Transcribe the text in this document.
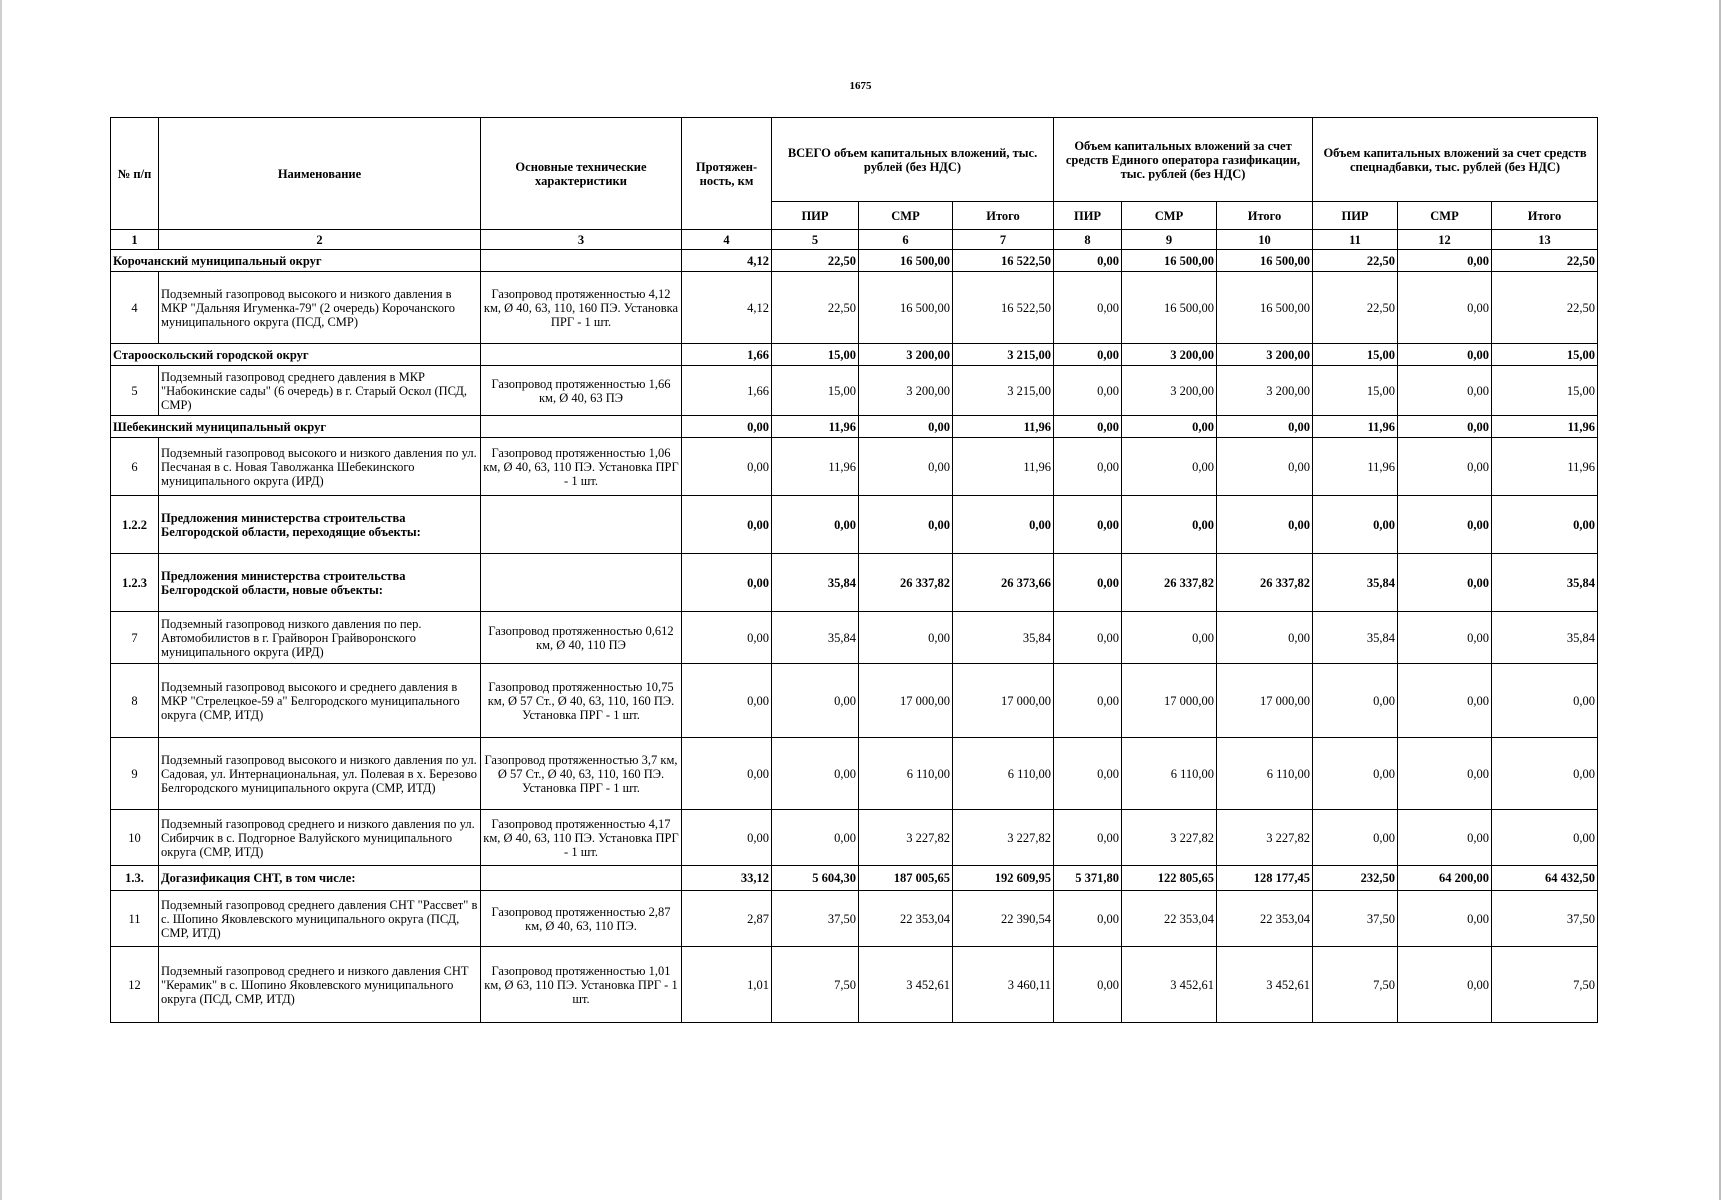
1675
№ п/п	Наименование	Основные технические характеристики	Протяжен-ность, км	ВСЕГО объем капитальных вложений, тыс. рублей (без НДС)			Объем капитальных вложений за счет средств Единого оператора газификации, тыс. рублей (без НДС)			Объем капитальных вложений за счет средств спецнадбавки, тыс. рублей (без НДС)		
				ПИР	СМР	Итого	ПИР	СМР	Итого	ПИР	СМР	Итого
1	2	3	4	5	6	7	8	9	10	11	12	13
Корочанский муниципальный округ			4,12	22,50	16 500,00	16 522,50	0,00	16 500,00	16 500,00	22,50	0,00	22,50
4	Подземный газопровод высокого и низкого давления в МКР "Дальняя Игуменка-79" (2 очередь) Корочанского муниципального округа (ПСД, СМР)	Газопровод протяженностью 4,12 км, Ø 40, 63, 110, 160 ПЭ. Установка ПРГ - 1 шт.	4,12	22,50	16 500,00	16 522,50	0,00	16 500,00	16 500,00	22,50	0,00	22,50
Старооскольский городской округ			1,66	15,00	3 200,00	3 215,00	0,00	3 200,00	3 200,00	15,00	0,00	15,00
5	Подземный газопровод среднего давления в МКР "Набокинские сады" (6 очередь) в г. Старый Оскол (ПСД, СМР)	Газопровод протяженностью 1,66 км, Ø 40, 63 ПЭ	1,66	15,00	3 200,00	3 215,00	0,00	3 200,00	3 200,00	15,00	0,00	15,00
Шебекинский муниципальный округ			0,00	11,96	0,00	11,96	0,00	0,00	0,00	11,96	0,00	11,96
6	Подземный газопровод высокого и низкого давления по ул. Песчаная в с. Новая Таволжанка Шебекинского муниципального округа (ИРД)	Газопровод протяженностью 1,06 км, Ø 40, 63, 110 ПЭ. Установка ПРГ - 1 шт.	0,00	11,96	0,00	11,96	0,00	0,00	0,00	11,96	0,00	11,96
1.2.2	Предложения министерства строительства Белгородской области, переходящие объекты:		0,00	0,00	0,00	0,00	0,00	0,00	0,00	0,00	0,00	0,00
1.2.3	Предложения министерства строительства Белгородской области, новые объекты:		0,00	35,84	26 337,82	26 373,66	0,00	26 337,82	26 337,82	35,84	0,00	35,84
7	Подземный газопровод низкого давления по пер. Автомобилистов в г. Грайворон Грайворонского муниципального округа (ИРД)	Газопровод протяженностью 0,612 км, Ø 40, 110 ПЭ	0,00	35,84	0,00	35,84	0,00	0,00	0,00	35,84	0,00	35,84
8	Подземный газопровод высокого и среднего давления в МКР "Стрелецкое-59 а" Белгородского муниципального округа (СМР, ИТД)	Газопровод протяженностью 10,75 км, Ø 57 Ст., Ø 40, 63, 110, 160 ПЭ. Установка ПРГ - 1 шт.	0,00	0,00	17 000,00	17 000,00	0,00	17 000,00	17 000,00	0,00	0,00	0,00
9	Подземный газопровод высокого и низкого давления по ул. Садовая, ул. Интернациональная, ул. Полевая в х. Березово Белгородского муниципального округа (СМР, ИТД)	Газопровод протяженностью 3,7 км, Ø 57 Ст., Ø 40, 63, 110, 160 ПЭ. Установка ПРГ - 1 шт.	0,00	0,00	6 110,00	6 110,00	0,00	6 110,00	6 110,00	0,00	0,00	0,00
10	Подземный газопровод среднего и низкого давления по ул. Сибирчик в с. Подгорное Валуйского муниципального округа (СМР, ИТД)	Газопровод протяженностью 4,17 км, Ø 40, 63, 110 ПЭ. Установка ПРГ - 1 шт.	0,00	0,00	3 227,82	3 227,82	0,00	3 227,82	3 227,82	0,00	0,00	0,00
1.3.	Догазификация СНТ, в том числе:		33,12	5 604,30	187 005,65	192 609,95	5 371,80	122 805,65	128 177,45	232,50	64 200,00	64 432,50
11	Подземный газопровод среднего давления СНТ "Рассвет" в с. Шопино Яковлевского муниципального округа (ПСД, СМР, ИТД)	Газопровод протяженностью 2,87 км, Ø 40, 63, 110 ПЭ.	2,87	37,50	22 353,04	22 390,54	0,00	22 353,04	22 353,04	37,50	0,00	37,50
12	Подземный газопровод среднего и низкого давления СНТ "Керамик" в с. Шопино Яковлевского муниципального округа (ПСД, СМР, ИТД)	Газопровод протяженностью 1,01 км, Ø 63, 110 ПЭ. Установка ПРГ - 1 шт.	1,01	7,50	3 452,61	3 460,11	0,00	3 452,61	3 452,61	7,50	0,00	7,50
